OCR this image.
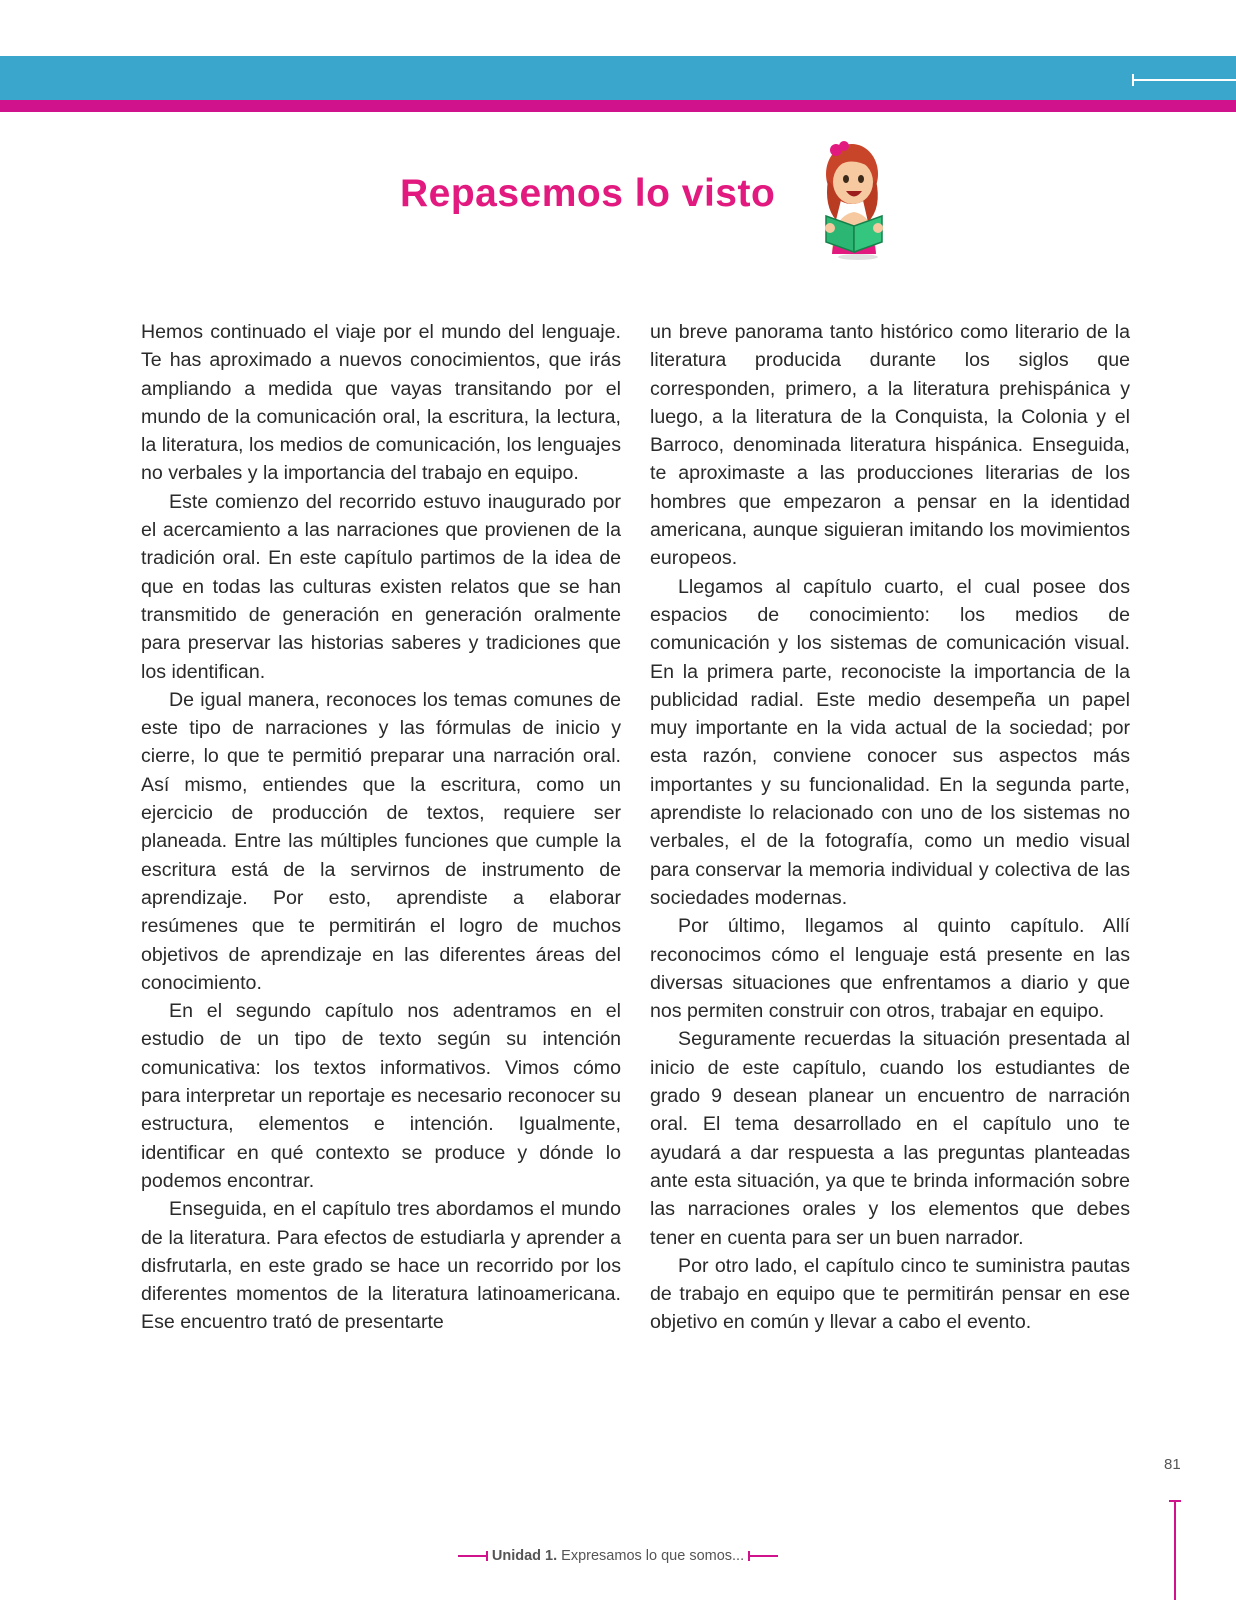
Repasemos lo visto

Hemos continuado el viaje por el mundo del lenguaje. Te has aproximado a nuevos conocimientos, que irás ampliando a medida que vayas transitando por el mundo de la comunicación oral, la escritura, la lectura, la literatura, los medios de comunicación, los lenguajes no verbales y la importancia del trabajo en equipo.

Este comienzo del recorrido estuvo inaugurado por el acercamiento a las narraciones que provienen de la tradición oral. En este capítulo partimos de la idea de que en todas las culturas existen relatos que se han transmitido de generación en generación oralmente para preservar las historias saberes y tradiciones que los identifican.

De igual manera, reconoces los temas comunes de este tipo de narraciones y las fórmulas de inicio y cierre, lo que te permitió preparar una narración oral. Así mismo, entiendes que la escritura, como un ejercicio de producción de textos, requiere ser planeada. Entre las múltiples funciones que cumple la escritura está de la servirnos de instrumento de aprendizaje. Por esto, aprendiste a elaborar resúmenes que te permitirán el logro de muchos objetivos de aprendizaje en las diferentes áreas del conocimiento.

En el segundo capítulo nos adentramos en el estudio de un tipo de texto según su intención comunicativa: los textos informativos. Vimos cómo para interpretar un reportaje es necesario reconocer su estructura, elementos e intención. Igualmente, identificar en qué contexto se produce y dónde lo podemos encontrar.

Enseguida, en el capítulo tres abordamos el mundo de la literatura. Para efectos de estudiarla y aprender a disfrutarla, en este grado se hace un recorrido por los diferentes momentos de la literatura latinoamericana. Ese encuentro trató de presentarte

un breve panorama tanto histórico como literario de la literatura producida durante los siglos que corresponden, primero, a la literatura prehispánica y luego, a la literatura de la Conquista, la Colonia y el Barroco, denominada literatura hispánica. Enseguida, te aproximaste a las producciones literarias de los hombres que empezaron a pensar en la identidad americana, aunque siguieran imitando los movimientos europeos.

Llegamos al capítulo cuarto, el cual posee dos espacios de conocimiento: los medios de comunicación y los sistemas de comunicación visual. En la primera parte, reconociste la importancia de la publicidad radial. Este medio desempeña un papel muy importante en la vida actual de la sociedad; por esta razón, conviene conocer sus aspectos más importantes y su funcionalidad. En la segunda parte, aprendiste lo relacionado con uno de los sistemas no verbales, el de la fotografía, como un medio visual para conservar la memoria individual y colectiva de las sociedades modernas.

Por último, llegamos al quinto capítulo. Allí reconocimos cómo el lenguaje está presente en las diversas situaciones que enfrentamos a diario y que nos permiten construir con otros, trabajar en equipo.

Seguramente recuerdas la situación presentada al inicio de este capítulo, cuando los estudiantes de grado 9 desean planear un encuentro de narración oral. El tema desarrollado en el capítulo uno te ayudará a dar respuesta a las preguntas planteadas ante esta situación, ya que te brinda información sobre las narraciones orales y los elementos que debes tener en cuenta para ser un buen narrador.

Por otro lado, el capítulo cinco te suministra pautas de trabajo en equipo que te permitirán pensar en ese objetivo en común y llevar a cabo el evento.

81
Unidad 1. Expresamos lo que somos...
